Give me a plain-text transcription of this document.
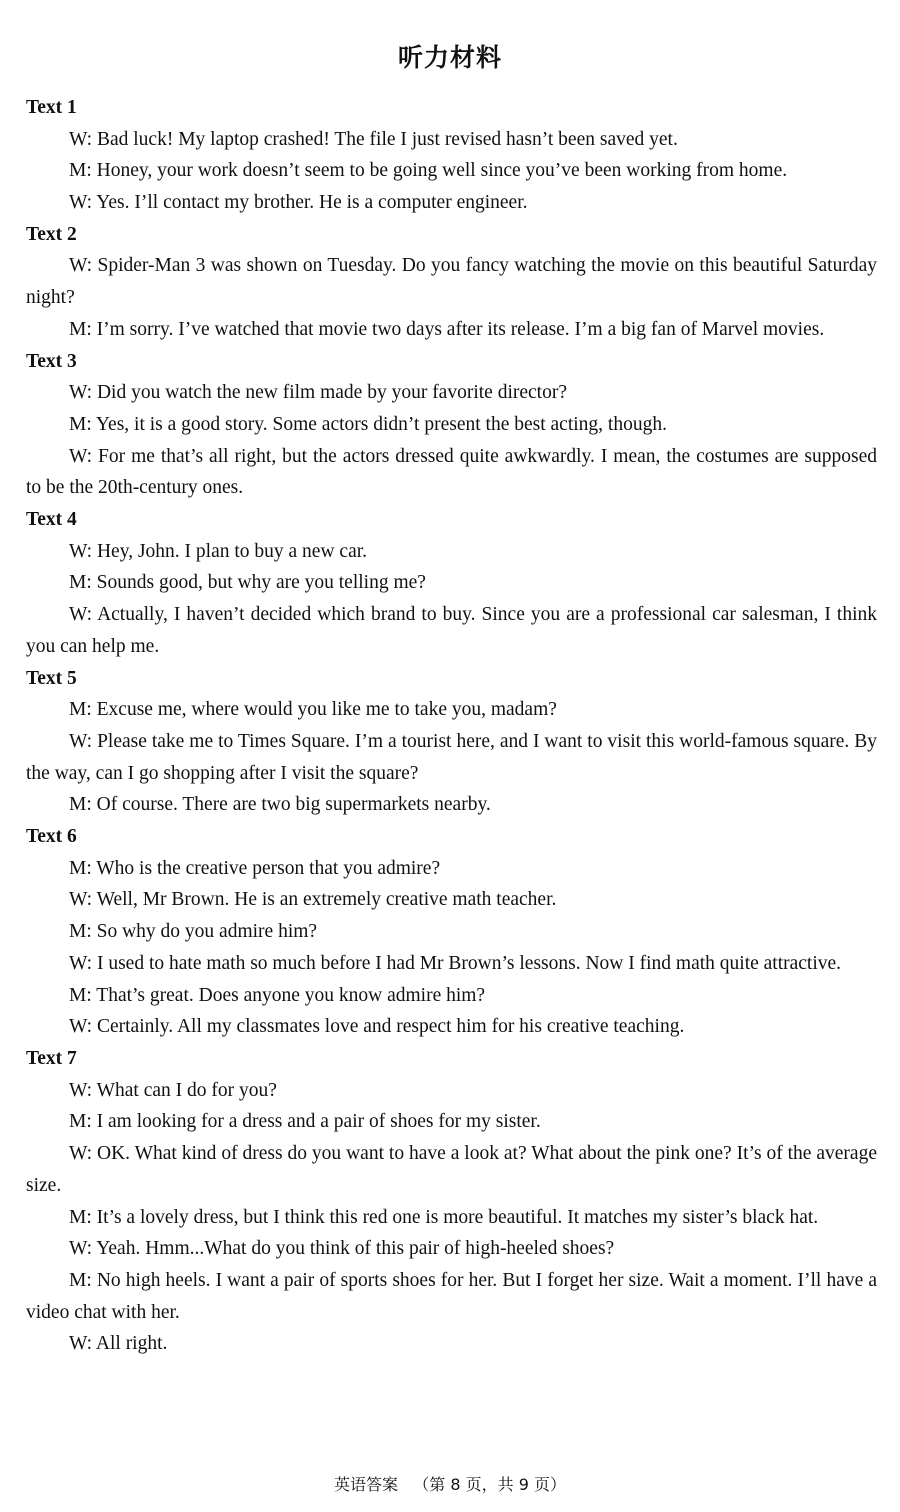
听力材料

Text 1

W: Bad luck! My laptop crashed! The file I just revised hasn’t been saved yet.

M: Honey, your work doesn’t seem to be going well since you’ve been working from home.

W: Yes. I’ll contact my brother. He is a computer engineer.

Text 2

W: Spider-Man 3 was shown on Tuesday. Do you fancy watching the movie on this beautiful Saturday night?

M: I’m sorry. I’ve watched that movie two days after its release. I’m a big fan of Marvel movies.

Text 3

W: Did you watch the new film made by your favorite director?

M: Yes, it is a good story. Some actors didn’t present the best acting, though.

W: For me that’s all right, but the actors dressed quite awkwardly. I mean, the costumes are supposed to be the 20th-century ones.

Text 4

W: Hey, John. I plan to buy a new car.

M: Sounds good, but why are you telling me?

W: Actually, I haven’t decided which brand to buy. Since you are a professional car salesman, I think you can help me.

Text 5

M: Excuse me, where would you like me to take you, madam?

W: Please take me to Times Square. I’m a tourist here, and I want to visit this world-famous square. By the way, can I go shopping after I visit the square?

M: Of course. There are two big supermarkets nearby.

Text 6

M: Who is the creative person that you admire?

W: Well, Mr Brown. He is an extremely creative math teacher.

M: So why do you admire him?

W: I used to hate math so much before I had Mr Brown’s lessons. Now I find math quite attractive.

M: That’s great. Does anyone you know admire him?

W: Certainly. All my classmates love and respect him for his creative teaching.

Text 7

W: What can I do for you?

M: I am looking for a dress and a pair of shoes for my sister.

W: OK. What kind of dress do you want to have a look at? What about the pink one? It’s of the average size.

M: It’s a lovely dress, but I think this red one is more beautiful. It matches my sister’s black hat.

W: Yeah. Hmm...What do you think of this pair of high-heeled shoes?

M: No high heels. I want a pair of sports shoes for her. But I forget her size. Wait a moment. I’ll have a video chat with her.

W: All right.

英语答案   （第 8 页，共 9 页）
